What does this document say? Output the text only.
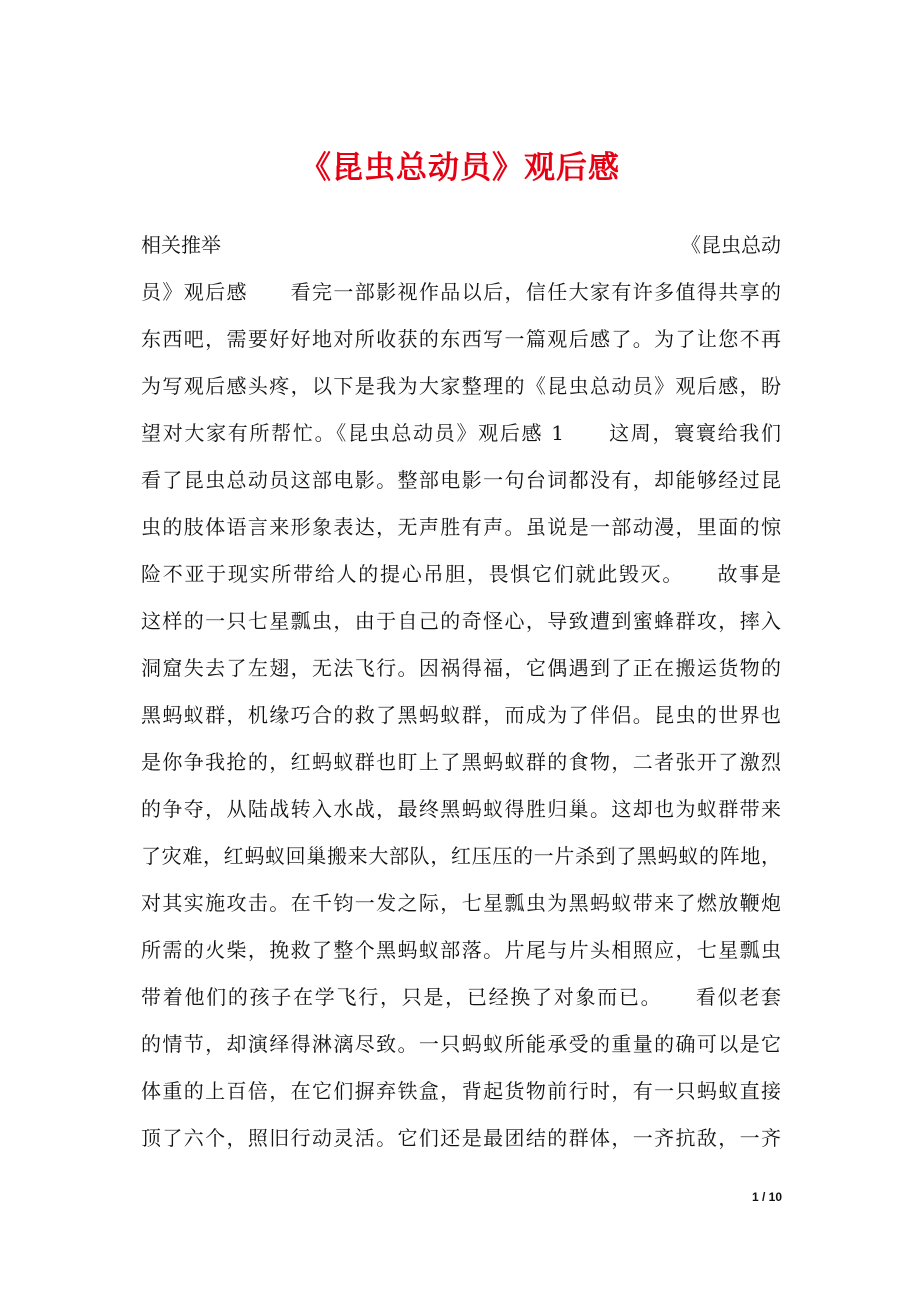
《昆虫总动员》观后感
相关推举	《昆虫总动
员》观后感　　看完一部影视作品以后，信任大家有许多值得共享的
东西吧，需要好好地对所收获的东西写一篇观后感了。为了让您不再
为写观后感头疼，以下是我为大家整理的《昆虫总动员》观后感，盼
望对大家有所帮忙。《昆虫总动员》观后感 1　　这周，寰寰给我们
看了昆虫总动员这部电影。整部电影一句台词都没有，却能够经过昆
虫的肢体语言来形象表达，无声胜有声。虽说是一部动漫，里面的惊
险不亚于现实所带给人的提心吊胆，畏惧它们就此毁灭。　　故事是
这样的一只七星瓢虫，由于自己的奇怪心，导致遭到蜜蜂群攻，摔入
洞窟失去了左翅，无法飞行。因祸得福，它偶遇到了正在搬运货物的
黑蚂蚁群，机缘巧合的救了黑蚂蚁群，而成为了伴侣。昆虫的世界也
是你争我抢的，红蚂蚁群也盯上了黑蚂蚁群的食物，二者张开了激烈
的争夺，从陆战转入水战，最终黑蚂蚁得胜归巢。这却也为蚁群带来
了灾难，红蚂蚁回巢搬来大部队，红压压的一片杀到了黑蚂蚁的阵地，
对其实施攻击。在千钧一发之际，七星瓢虫为黑蚂蚁带来了燃放鞭炮
所需的火柴，挽救了整个黑蚂蚁部落。片尾与片头相照应，七星瓢虫
带着他们的孩子在学飞行，只是，已经换了对象而已。　　看似老套
的情节，却演绎得淋漓尽致。一只蚂蚁所能承受的重量的确可以是它
体重的上百倍，在它们摒弃铁盒，背起货物前行时，有一只蚂蚁直接
顶了六个，照旧行动灵活。它们还是最团结的群体，一齐抗敌，一齐
1 / 10
